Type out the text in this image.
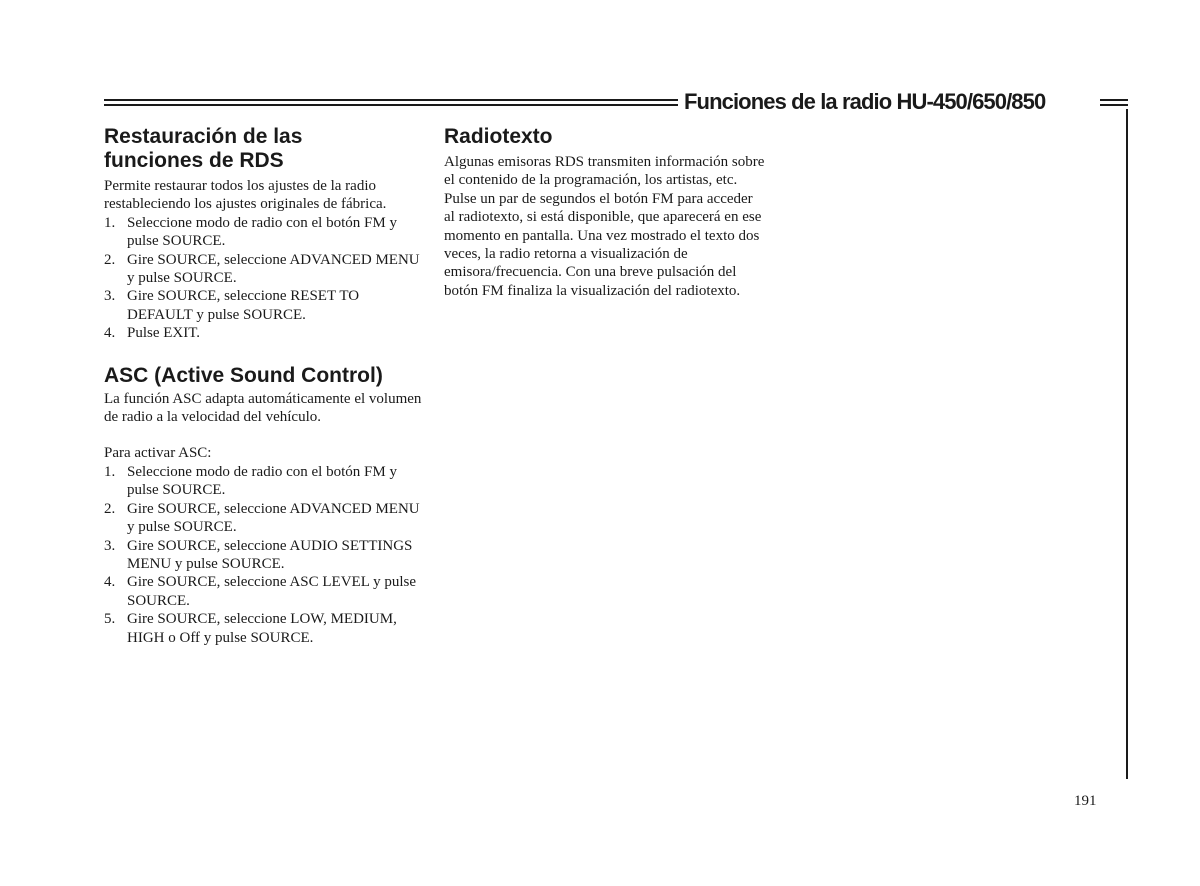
Funciones de la radio HU-450/650/850
Restauración de las
funciones de RDS

Permite restaurar todos los ajustes de la radio restableciendo los ajustes originales de fábrica.

1. Seleccione modo de radio con el botón FM y pulse SOURCE.
2. Gire SOURCE, seleccione ADVANCED MENU y pulse SOURCE.
3. Gire SOURCE, seleccione RESET TO DEFAULT y pulse SOURCE.
4. Pulse EXIT.
ASC (Active Sound Control)

La función ASC adapta automáticamente el volumen de radio a la velocidad del vehículo.

Para activar ASC:

1. Seleccione modo de radio con el botón FM y pulse SOURCE.
2. Gire SOURCE, seleccione ADVANCED MENU y pulse SOURCE.
3. Gire SOURCE, seleccione AUDIO SETTINGS MENU y pulse SOURCE.
4. Gire SOURCE, seleccione ASC LEVEL y pulse SOURCE.
5. Gire SOURCE, seleccione LOW, MEDIUM, HIGH o Off y pulse SOURCE.
Radiotexto

Algunas emisoras RDS transmiten información sobre el contenido de la programación, los artistas, etc.

Pulse un par de segundos el botón FM para acceder al radiotexto, si está disponible, que aparecerá en ese momento en pantalla. Una vez mostrado el texto dos veces, la radio retorna a visualización de emisora/frecuencia. Con una breve pulsación del botón FM finaliza la visualización del radiotexto.

191
